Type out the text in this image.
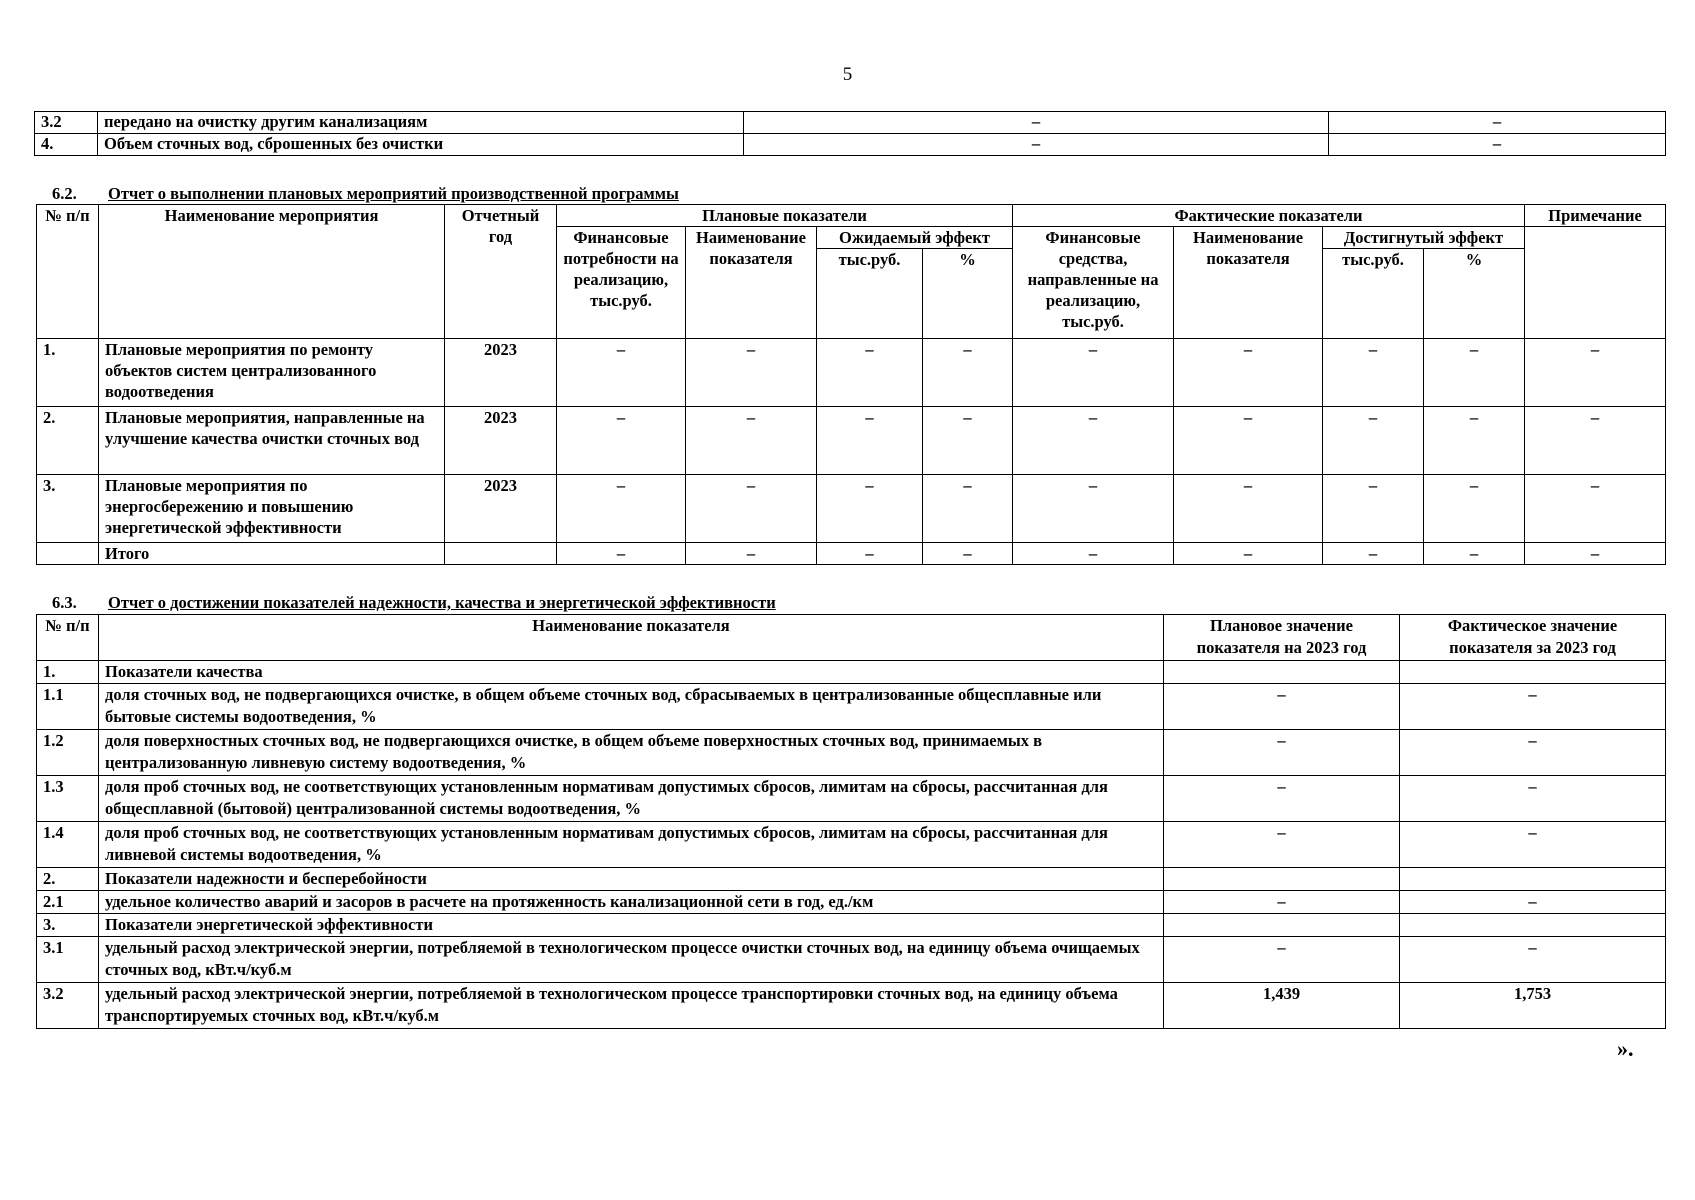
5
3.2	передано на очистку другим канализациям	–	–
4.	Объем сточных вод, сброшенных без очистки	–	–
6.2. Отчет о выполнении плановых мероприятий производственной программы
№ п/п	Наименование мероприятия	Отчетный год	Плановые показатели				Фактические показатели				Примечание
			Финансовые потребности на реализацию, тыс.руб.	Наименование показателя	Ожидаемый эффект		Финансовые средства, направленные на реализацию, тыс.руб.	Наименование показателя	Достигнутый эффект		
					тыс.руб.	%			тыс.руб.	%	
1.	Плановые мероприятия по ремонту объектов систем централизованного водоотведения	2023	–	–	–	–	–	–	–	–	–
2.	Плановые мероприятия, направленные на улучшение качества очистки сточных вод	2023	–	–	–	–	–	–	–	–	–
3.	Плановые мероприятия по энергосбережению и повышению энергетической эффективности	2023	–	–	–	–	–	–	–	–	–
	Итого		–	–	–	–	–	–	–	–	–
6.3. Отчет о достижении показателей надежности, качества и энергетической эффективности
№ п/п	Наименование показателя	Плановое значение показателя на 2023 год	Фактическое значение показателя за 2023 год
1.	Показатели качества		
1.1	доля сточных вод, не подвергающихся очистке, в общем объеме сточных вод, сбрасываемых в централизованные общесплавные или бытовые системы водоотведения, %	–	–
1.2	доля поверхностных сточных вод, не подвергающихся очистке, в общем объеме поверхностных сточных вод, принимаемых в централизованную ливневую систему водоотведения, %	–	–
1.3	доля проб сточных вод, не соответствующих установленным нормативам допустимых сбросов, лимитам на сбросы, рассчитанная для общесплавной (бытовой) централизованной системы водоотведения, %	–	–
1.4	доля проб сточных вод, не соответствующих установленным нормативам допустимых сбросов, лимитам на сбросы, рассчитанная для ливневой системы водоотведения, %	–	–
2.	Показатели надежности и бесперебойности		
2.1	удельное количество аварий и засоров в расчете на протяженность канализационной сети в год, ед./км	–	–
3.	Показатели энергетической эффективности		
3.1	удельный расход электрической энергии, потребляемой в технологическом процессе очистки сточных вод, на единицу объема очищаемых сточных вод, кВт.ч/куб.м	–	–
3.2	удельный расход электрической энергии, потребляемой в технологическом процессе транспортировки сточных вод, на единицу объема транспортируемых сточных вод, кВт.ч/куб.м	1,439	1,753
».
